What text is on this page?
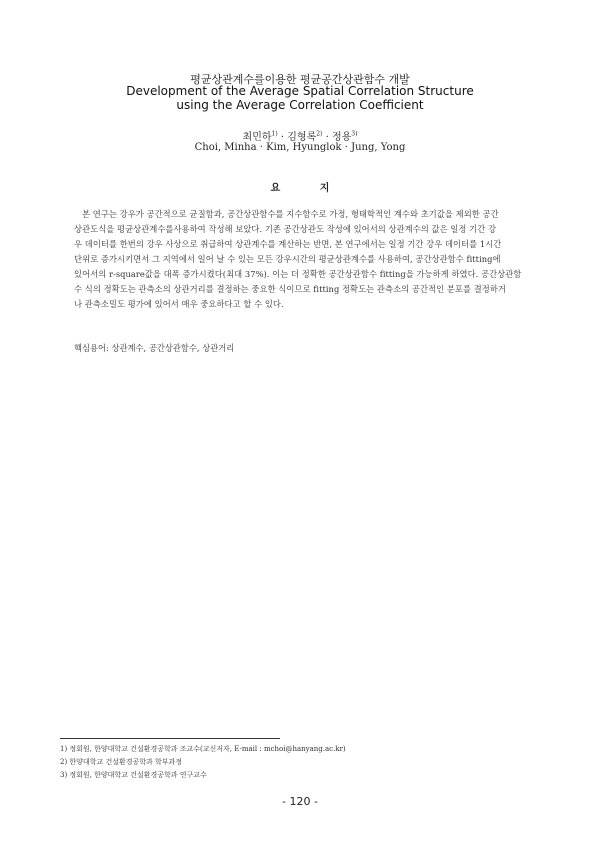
평균상관계수를이용한 평균공간상관함수 개발
Development of the Average Spatial Correlation Structure
using the Average Correlation Coefficient
최민하$^{1)}$ · 김형록$^{2)}$ · 정용$^{3)}$
Choi, Minha · Kim, Hyunglok · Jung, Yong
요 지
본 연구는 강우가 공간적으로 균질함과, 공간상관함수를 지수함수로 가정, 형태학적인 계수와 초기값을 제외한 공간
상관도식을 평균상관계수를사용하여 작성해 보았다. 기존 공간상관도 작성에 있어서의 상관계수의 값은 일정 기간 강
우 데이터를 한번의 강우 사상으로 취급하여 상관계수를 계산하는 반면, 본 연구에서는 일정 기간 강우 데이터를 1시간
단위로 증가시키면서 그 지역에서 일어 날 수 있는 모든 강우시간의 평균상관계수를 사용하여, 공간상관함수 fitting에
있어서의 r-square값을 대폭 증가시켰다(최대 37%). 이는 더 정확한 공간상관함수 fitting을 가능하게 하였다. 공간상관함
수 식의 정확도는 관측소의 상관거리를 결정하는 중요한 식이므로 fitting 정확도는 관측소의 공간적인 분포를 결정하거
나 관측소밀도 평가에 있어서 매우 중요하다고 할 수 있다.
핵심용어: 상관계수, 공간상관함수, 상관거리
1) 정회원, 한양대학교 건설환경공학과 조교수(교신저자, E-mail : mchoi@hanyang.ac.kr)
2) 한양대학교 건설환경공학과 학부과정
3) 정회원, 한양대학교 건설환경공학과 연구교수
- 120 -
